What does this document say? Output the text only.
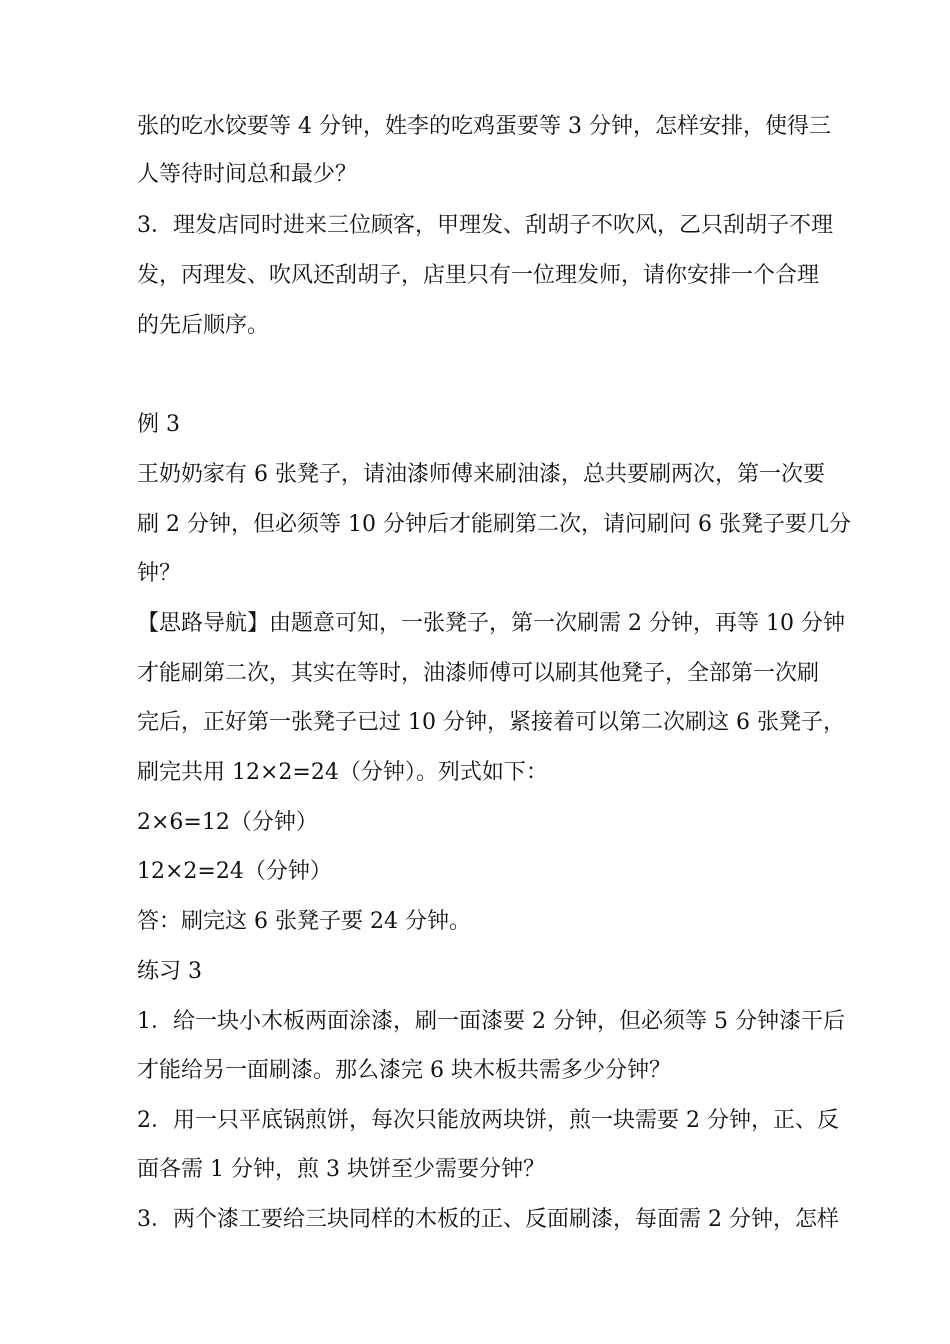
张的吃水饺要等 4 分钟，姓李的吃鸡蛋要等 3 分钟，怎样安排，使得三
人等待时间总和最少？
3．理发店同时进来三位顾客，甲理发、刮胡子不吹风，乙只刮胡子不理
发，丙理发、吹风还刮胡子，店里只有一位理发师，请你安排一个合理
的先后顺序。
例 3
王奶奶家有 6 张凳子，请油漆师傅来刷油漆，总共要刷两次，第一次要
刷 2 分钟，但必须等 10 分钟后才能刷第二次，请问刷问 6 张凳子要几分
钟？
【思路导航】由题意可知，一张凳子，第一次刷需 2 分钟，再等 10 分钟
才能刷第二次，其实在等时，油漆师傅可以刷其他凳子，全部第一次刷
完后，正好第一张凳子已过 10 分钟，紧接着可以第二次刷这 6 张凳子，
刷完共用 12×2=24（分钟）。列式如下：
2×6=12（分钟）
12×2=24（分钟）
答：刷完这 6 张凳子要 24 分钟。
练习 3
1．给一块小木板两面涂漆，刷一面漆要 2 分钟，但必须等 5 分钟漆干后
才能给另一面刷漆。那么漆完 6 块木板共需多少分钟？
2．用一只平底锅煎饼，每次只能放两块饼，煎一块需要 2 分钟，正、反
面各需 1 分钟，煎 3 块饼至少需要分钟？
3．两个漆工要给三块同样的木板的正、反面刷漆，每面需 2 分钟，怎样
